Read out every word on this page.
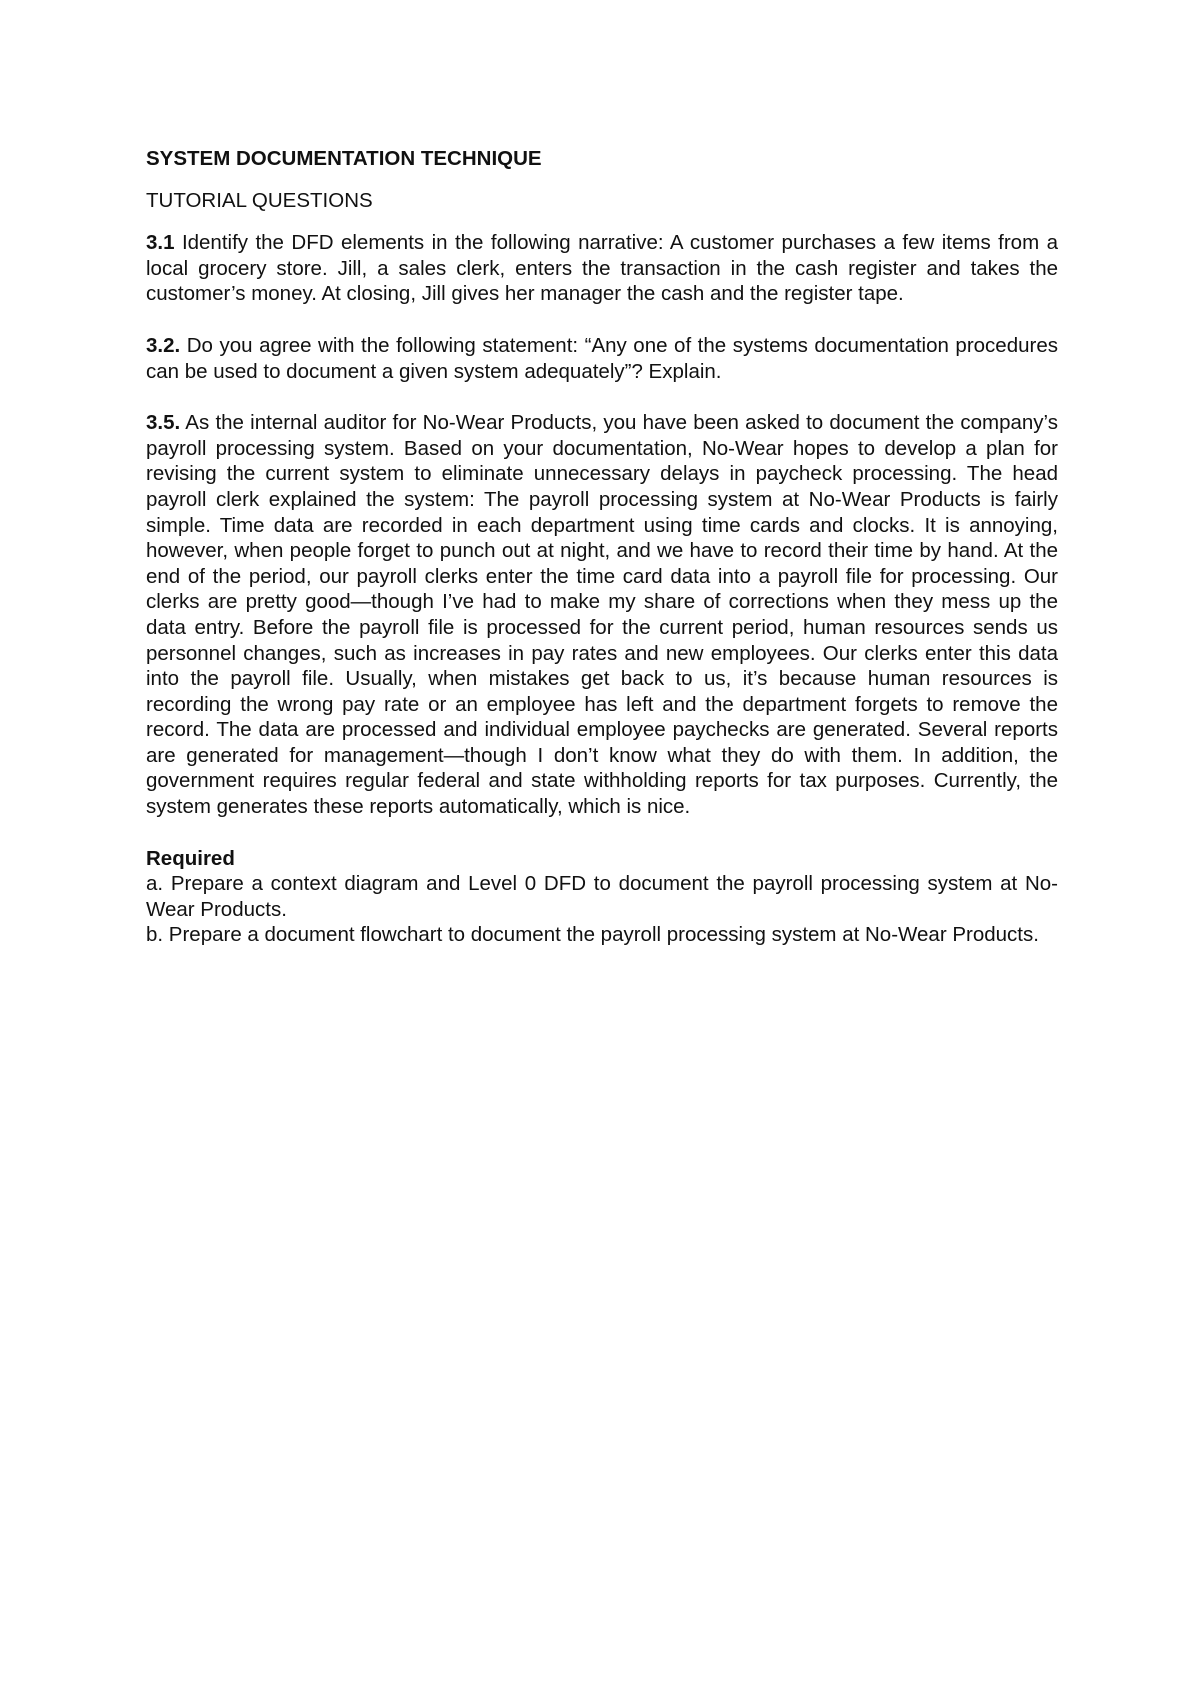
SYSTEM DOCUMENTATION TECHNIQUE
TUTORIAL QUESTIONS
3.1 Identify the DFD elements in the following narrative: A customer purchases a few items from a local grocery store. Jill, a sales clerk, enters the transaction in the cash register and takes the customer’s money. At closing, Jill gives her manager the cash and the register tape.
3.2. Do you agree with the following statement: “Any one of the systems documentation procedures can be used to document a given system adequately”? Explain.
3.5. As the internal auditor for No-Wear Products, you have been asked to document the company’s payroll processing system. Based on your documentation, No-Wear hopes to develop a plan for revising the current system to eliminate unnecessary delays in paycheck processing. The head payroll clerk explained the system: The payroll processing system at No-Wear Products is fairly simple. Time data are recorded in each department using time cards and clocks. It is annoying, however, when people forget to punch out at night, and we have to record their time by hand. At the end of the period, our payroll clerks enter the time card data into a payroll file for processing. Our clerks are pretty good—though I’ve had to make my share of corrections when they mess up the data entry. Before the payroll file is processed for the current period, human resources sends us personnel changes, such as increases in pay rates and new employees. Our clerks enter this data into the payroll file. Usually, when mistakes get back to us, it’s because human resources is recording the wrong pay rate or an employee has left and the department forgets to remove the record. The data are processed and individual employee paychecks are generated. Several reports are generated for management—though I don’t know what they do with them. In addition, the government requires regular federal and state withholding reports for tax purposes. Currently, the system generates these reports automatically, which is nice.
Required
a. Prepare a context diagram and Level 0 DFD to document the payroll processing system at No-Wear Products.
b. Prepare a document flowchart to document the payroll processing system at No-Wear Products.
